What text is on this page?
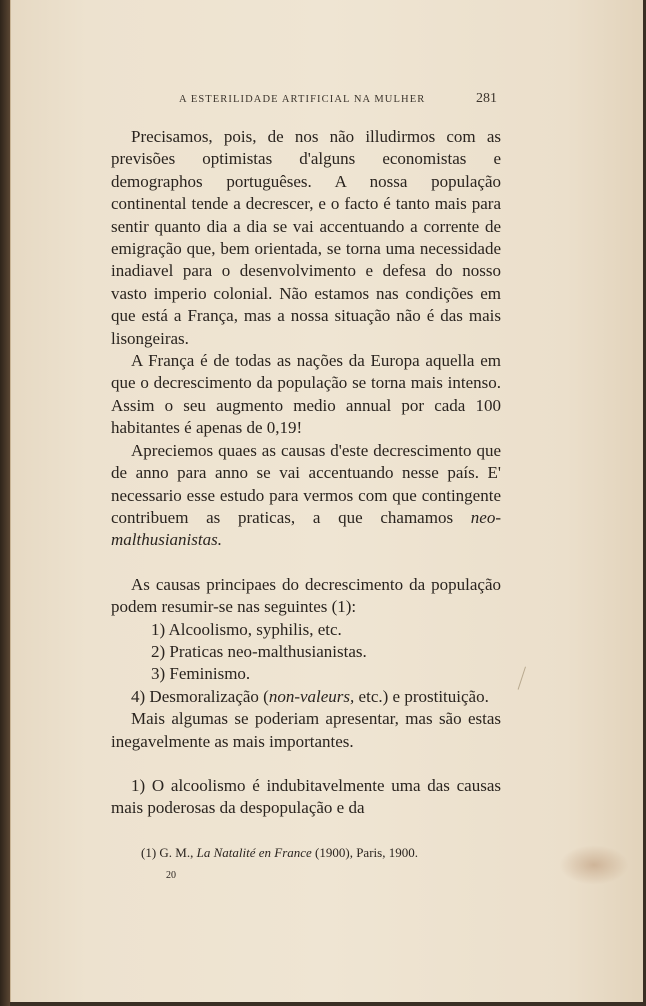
A ESTERILIDADE ARTIFICIAL NA MULHER	281

Precisamos, pois, de nos não illudirmos com as previsões optimistas d'alguns economistas e demographos portuguêses. A nossa população continental tende a decrescer, e o facto é tanto mais para sentir quanto dia a dia se vai accentuando a corrente de emigração que, bem orientada, se torna uma necessidade inadiavel para o desenvolvimento e defesa do nosso vasto imperio colonial. Não estamos nas condições em que está a França, mas a nossa situação não é das mais lisongeiras.

A França é de todas as nações da Europa aquella em que o decrescimento da população se torna mais intenso. Assim o seu augmento medio annual por cada 100 habitantes é apenas de 0,19!

Apreciemos quaes as causas d'este decrescimento que de anno para anno se vai accentuando nesse país. E' necessario esse estudo para vermos com que contingente contribuem as praticas, a que chamamos neo-malthusianistas.

As causas principaes do decrescimento da população podem resumir-se nas seguintes (1):

1) Alcoolismo, syphilis, etc.

2) Praticas neo-malthusianistas.

3) Feminismo.

4) Desmoralização (non-valeurs, etc.) e prostituição.

Mais algumas se poderiam apresentar, mas são estas inegavelmente as mais importantes.

1) O alcoolismo é indubitavelmente uma das causas mais poderosas da despopulação e da

(1) G. M., La Natalité en France (1900), Paris, 1900.
20
